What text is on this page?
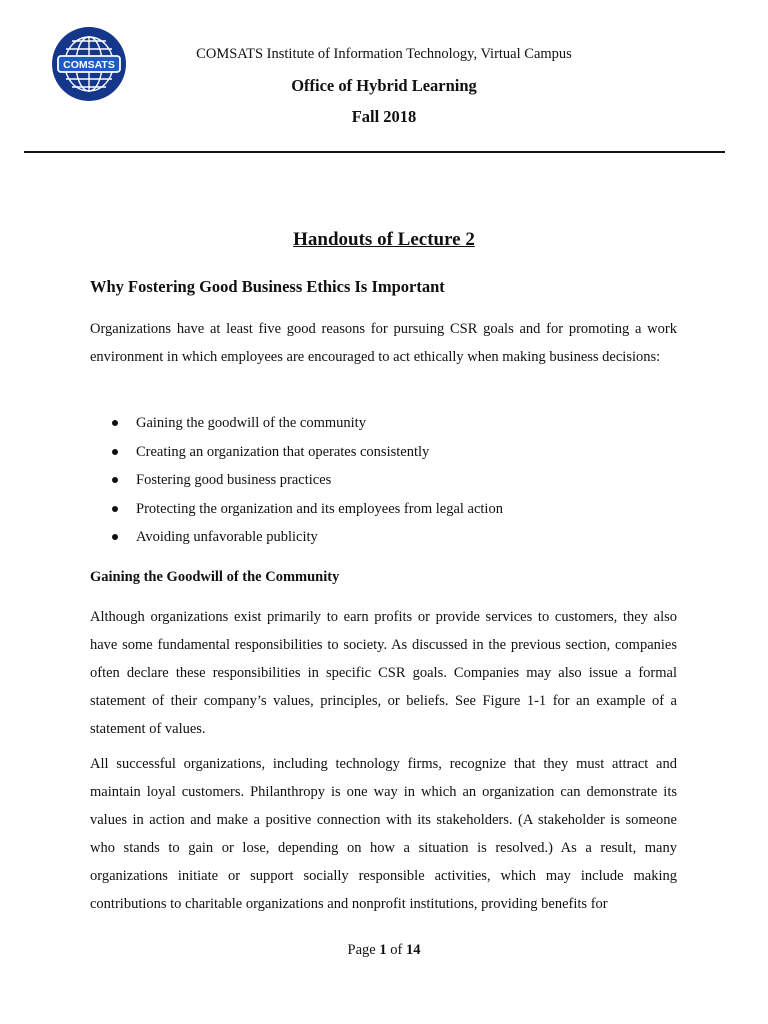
COMSATS
COMSATS Institute of Information Technology, Virtual Campus
Office of Hybrid Learning
Fall 2018
Handouts of Lecture 2
Why Fostering Good Business Ethics Is Important

Organizations have at least five good reasons for pursuing CSR goals and for promoting a work environment in which employees are encouraged to act ethically when making business decisions:

Gaining the goodwill of the community
Creating an organization that operates consistently
Fostering good business practices
Protecting the organization and its employees from legal action
Avoiding unfavorable publicity
Gaining the Goodwill of the Community

Although organizations exist primarily to earn profits or provide services to customers, they also have some fundamental responsibilities to society. As discussed in the previous section, companies often declare these responsibilities in specific CSR goals. Companies may also issue a formal statement of their company’s values, principles, or beliefs. See Figure 1-1 for an example of a statement of values.

All successful organizations, including technology firms, recognize that they must attract and maintain loyal customers. Philanthropy is one way in which an organization can demonstrate its values in action and make a positive connection with its stakeholders. (A stakeholder is someone who stands to gain or lose, depending on how a situation is resolved.) As a result, many organizations initiate or support socially responsible activities, which may include making contributions to charitable organizations and nonprofit institutions, providing benefits for

Page 1 of 14
